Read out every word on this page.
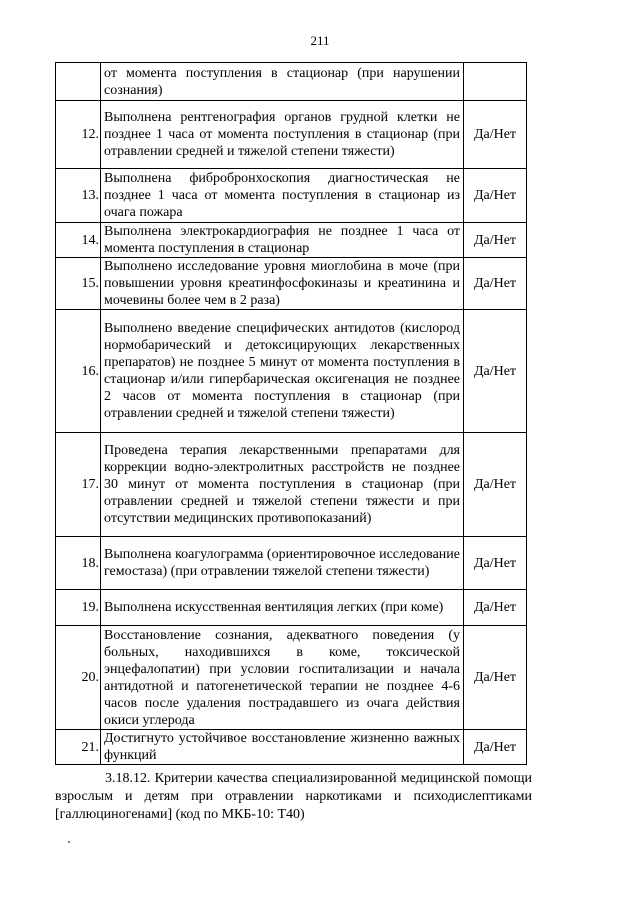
211
	от момента поступления в стационар (при нарушении сознания)	
12.	Выполнена рентгенография органов грудной клетки не позднее 1 часа от момента поступления в стационар (при отравлении средней и тяжелой степени тяжести)	Да/Нет
13.	Выполнена фибробронхоскопия диагностическая не позднее 1 часа от момента поступления в стационар из очага пожара	Да/Нет
14.	Выполнена электрокардиография не позднее 1 часа от момента поступления в стационар	Да/Нет
15.	Выполнено исследование уровня миоглобина в моче (при повышении уровня креатинфосфокиназы и креатинина и мочевины более чем в 2 раза)	Да/Нет
16.	Выполнено введение специфических антидотов (кислород нормобарический и детоксицирующих лекарственных препаратов) не позднее 5 минут от момента поступления в стационар и/или гипербарическая оксигенация не позднее 2 часов от момента поступления в стационар (при отравлении средней и тяжелой степени тяжести)	Да/Нет
17.	Проведена терапия лекарственными препаратами для коррекции водно-электролитных расстройств не позднее 30 минут от момента поступления в стационар (при отравлении средней и тяжелой степени тяжести и при отсутствии медицинских противопоказаний)	Да/Нет
18.	Выполнена коагулограмма (ориентировочное исследование гемостаза) (при отравлении тяжелой степени тяжести)	Да/Нет
19.	Выполнена искусственная вентиляция легких (при коме)	Да/Нет
20.	Восстановление сознания, адекватного поведения (у больных, находившихся в коме, токсической энцефалопатии) при условии госпитализации и начала антидотной и патогенетической терапии не позднее 4-6 часов после удаления пострадавшего из очага действия окиси углерода	Да/Нет
21.	Достигнуто устойчивое восстановление жизненно важных функций	Да/Нет
3.18.12. Критерии качества специализированной медицинской помощи взрослым и детям при отравлении наркотиками и психодислептиками [галлюциногенами] (код по МКБ-10: Т40)
